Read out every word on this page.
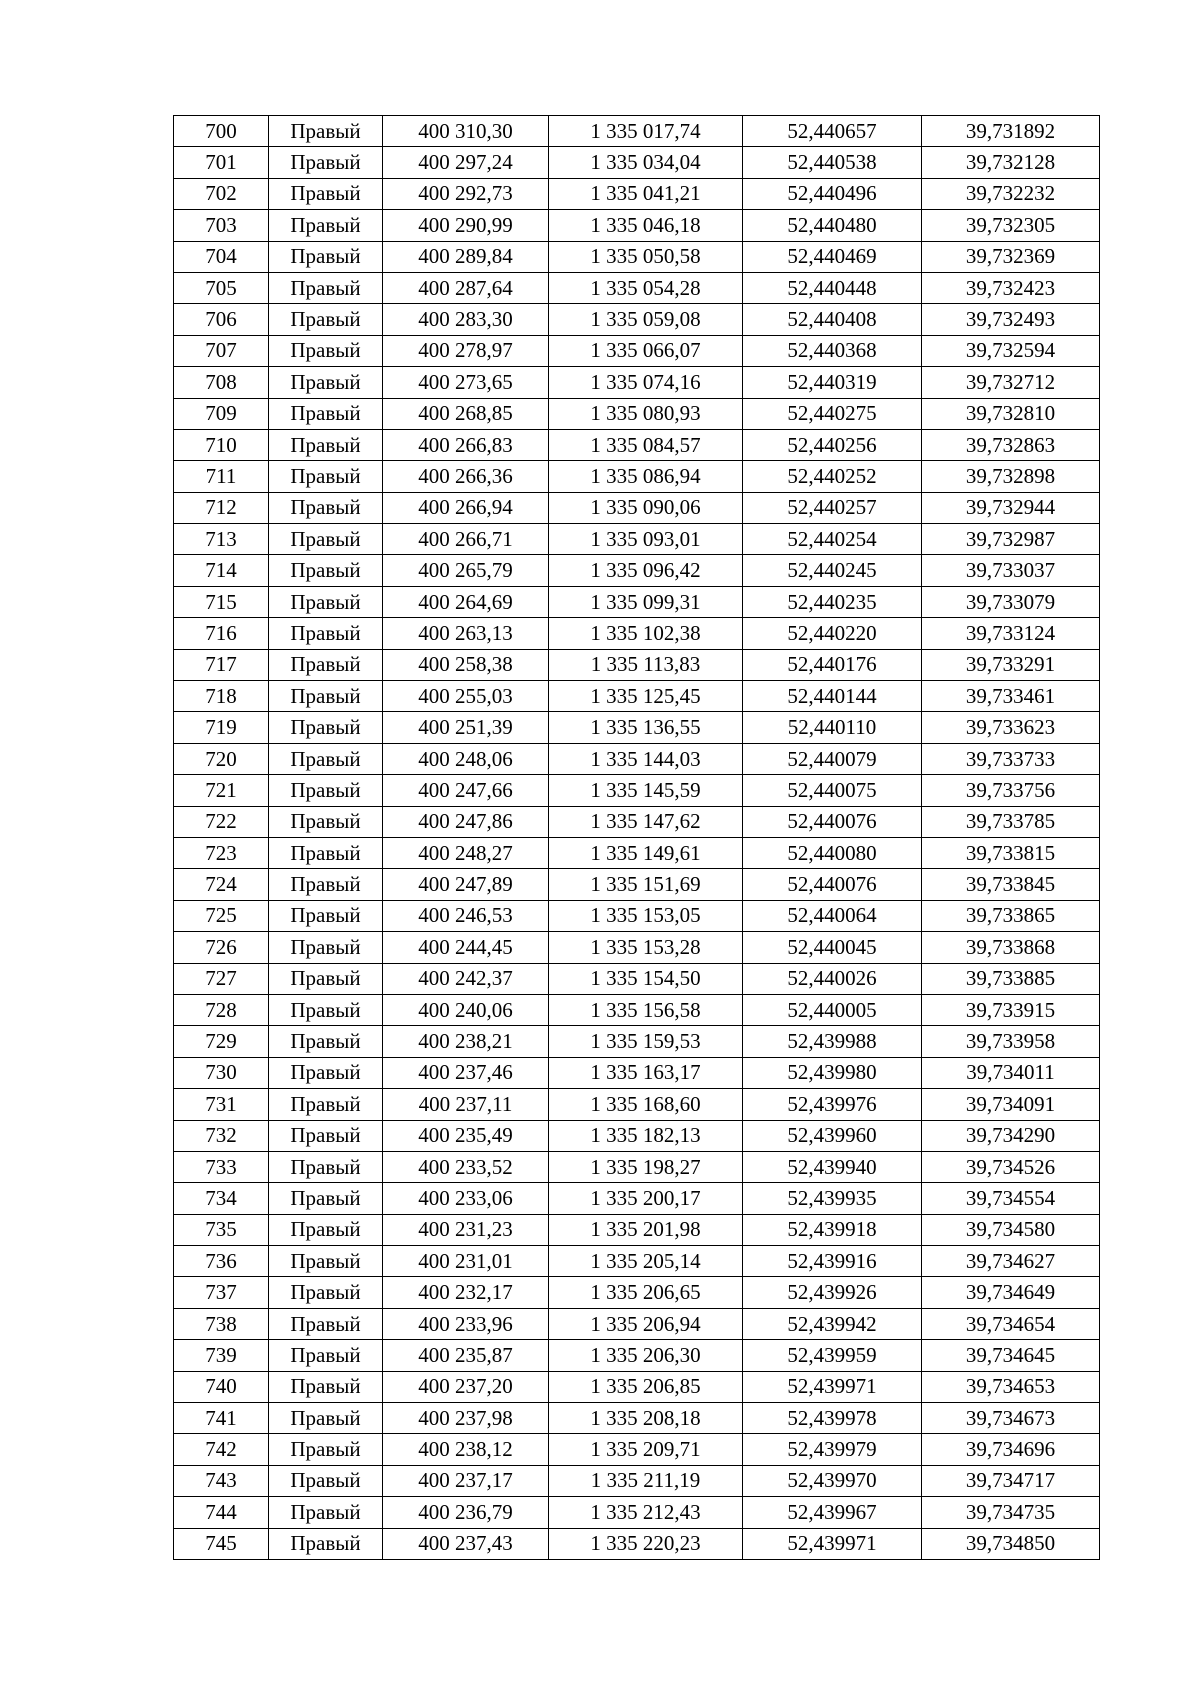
700	Правый	400 310,30	1 335 017,74	52,440657	39,731892
701	Правый	400 297,24	1 335 034,04	52,440538	39,732128
702	Правый	400 292,73	1 335 041,21	52,440496	39,732232
703	Правый	400 290,99	1 335 046,18	52,440480	39,732305
704	Правый	400 289,84	1 335 050,58	52,440469	39,732369
705	Правый	400 287,64	1 335 054,28	52,440448	39,732423
706	Правый	400 283,30	1 335 059,08	52,440408	39,732493
707	Правый	400 278,97	1 335 066,07	52,440368	39,732594
708	Правый	400 273,65	1 335 074,16	52,440319	39,732712
709	Правый	400 268,85	1 335 080,93	52,440275	39,732810
710	Правый	400 266,83	1 335 084,57	52,440256	39,732863
711	Правый	400 266,36	1 335 086,94	52,440252	39,732898
712	Правый	400 266,94	1 335 090,06	52,440257	39,732944
713	Правый	400 266,71	1 335 093,01	52,440254	39,732987
714	Правый	400 265,79	1 335 096,42	52,440245	39,733037
715	Правый	400 264,69	1 335 099,31	52,440235	39,733079
716	Правый	400 263,13	1 335 102,38	52,440220	39,733124
717	Правый	400 258,38	1 335 113,83	52,440176	39,733291
718	Правый	400 255,03	1 335 125,45	52,440144	39,733461
719	Правый	400 251,39	1 335 136,55	52,440110	39,733623
720	Правый	400 248,06	1 335 144,03	52,440079	39,733733
721	Правый	400 247,66	1 335 145,59	52,440075	39,733756
722	Правый	400 247,86	1 335 147,62	52,440076	39,733785
723	Правый	400 248,27	1 335 149,61	52,440080	39,733815
724	Правый	400 247,89	1 335 151,69	52,440076	39,733845
725	Правый	400 246,53	1 335 153,05	52,440064	39,733865
726	Правый	400 244,45	1 335 153,28	52,440045	39,733868
727	Правый	400 242,37	1 335 154,50	52,440026	39,733885
728	Правый	400 240,06	1 335 156,58	52,440005	39,733915
729	Правый	400 238,21	1 335 159,53	52,439988	39,733958
730	Правый	400 237,46	1 335 163,17	52,439980	39,734011
731	Правый	400 237,11	1 335 168,60	52,439976	39,734091
732	Правый	400 235,49	1 335 182,13	52,439960	39,734290
733	Правый	400 233,52	1 335 198,27	52,439940	39,734526
734	Правый	400 233,06	1 335 200,17	52,439935	39,734554
735	Правый	400 231,23	1 335 201,98	52,439918	39,734580
736	Правый	400 231,01	1 335 205,14	52,439916	39,734627
737	Правый	400 232,17	1 335 206,65	52,439926	39,734649
738	Правый	400 233,96	1 335 206,94	52,439942	39,734654
739	Правый	400 235,87	1 335 206,30	52,439959	39,734645
740	Правый	400 237,20	1 335 206,85	52,439971	39,734653
741	Правый	400 237,98	1 335 208,18	52,439978	39,734673
742	Правый	400 238,12	1 335 209,71	52,439979	39,734696
743	Правый	400 237,17	1 335 211,19	52,439970	39,734717
744	Правый	400 236,79	1 335 212,43	52,439967	39,734735
745	Правый	400 237,43	1 335 220,23	52,439971	39,734850
